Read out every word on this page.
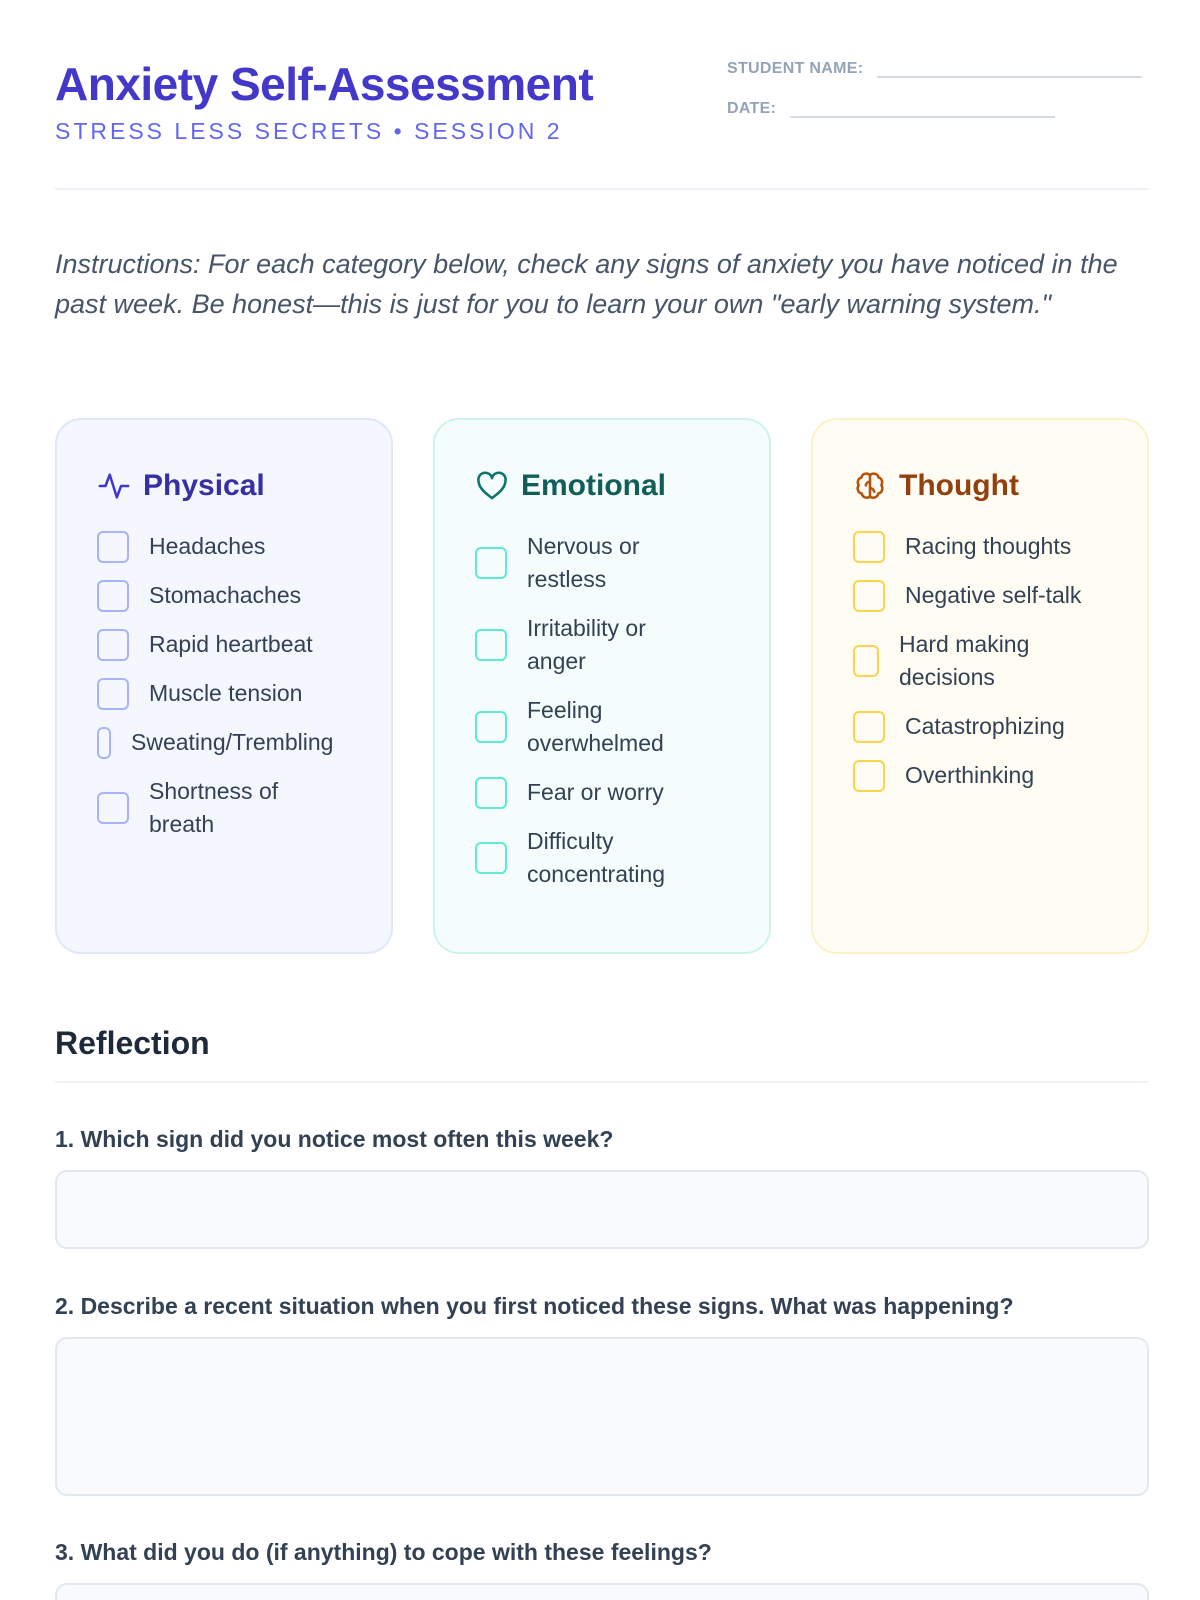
Anxiety Self-Assessment
STRESS LESS SECRETS • SESSION 2
STUDENT NAME:
DATE:

Instructions: For each category below, check any signs of anxiety you have noticed in the past week. Be honest—this is just for you to learn your own "early warning system."

Physical
Headaches
Stomachaches
Rapid heartbeat
Muscle tension
Sweating/Trembling
Shortness of breath
Emotional
Nervous or restless
Irritability or anger
Feeling overwhelmed
Fear or worry
Difficulty concentrating
Thought
Racing thoughts
Negative self-talk
Hard making decisions
Catastrophizing
Overthinking
Reflection
1. Which sign did you notice most often this week?
2. Describe a recent situation when you first noticed these signs. What was happening?
3. What did you do (if anything) to cope with these feelings?
